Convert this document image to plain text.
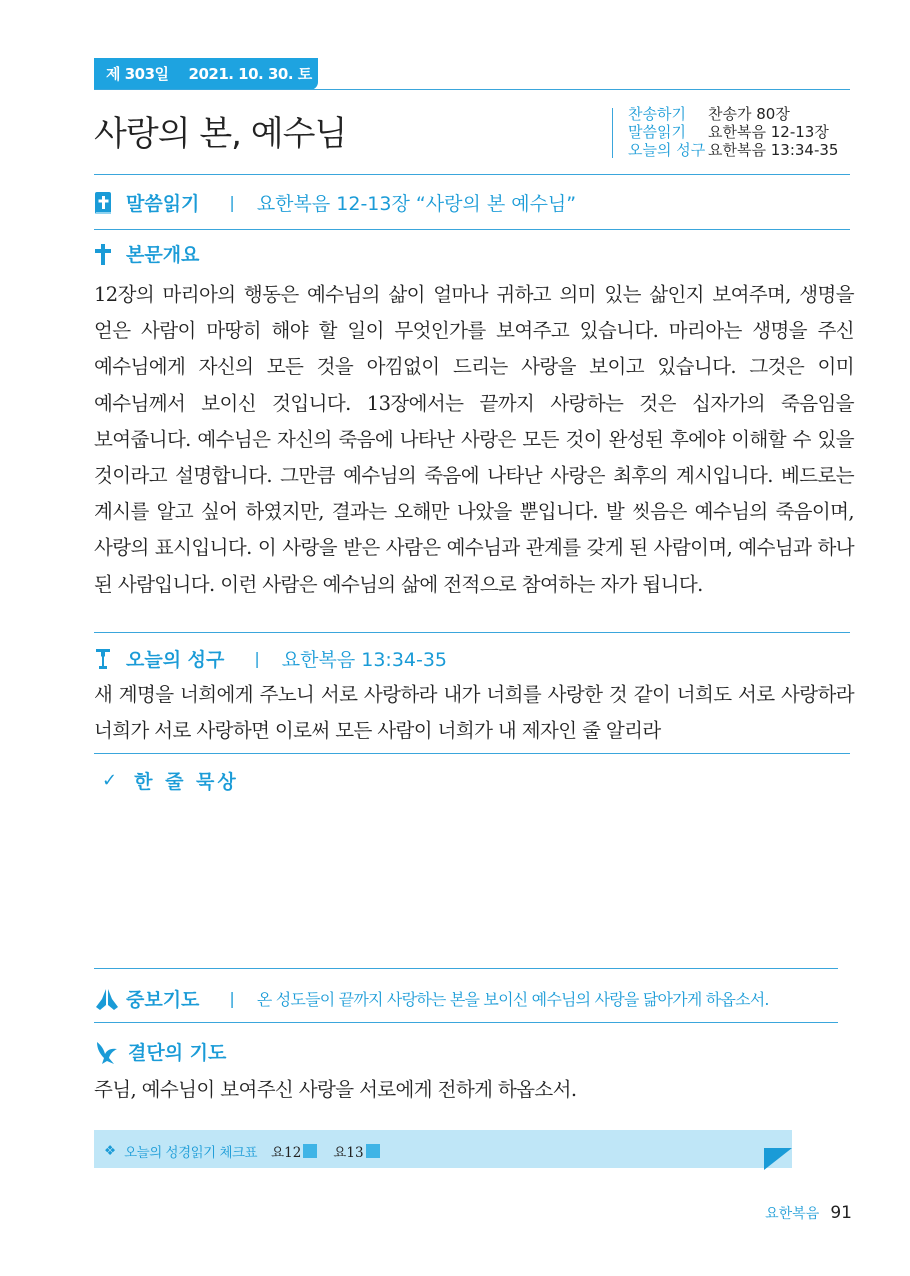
제 303일 2021. 10. 30. 토
사랑의 본, 예수님	찬송하기	찬송가 80장
말씀읽기	요한복음 12-13장
오늘의 성구 요한복음 13:34-35
말씀읽기 | 요한복음 12-13장 “사랑의 본 예수님”
본문개요
12장의 마리아의 행동은 예수님의 삶이 얼마나 귀하고 의미 있는 삶인지 보여주며, 생명을 얻은 사람이 마땅히 해야 할 일이 무엇인가를 보여주고 있습니다. 마리아는 생명을 주신 예수님에게 자신의 모든 것을 아낌없이 드리는 사랑을 보이고 있습니다. 그것은 이미 예수님께서 보이신 것입니다. 13장에서는 끝까지 사랑하는 것은 십자가의 죽음임을 보여줍니다. 예수님은 자신의 죽음에 나타난 사랑은 모든 것이 완성된 후에야 이해할 수 있을 것이라고 설명합니다. 그만큼 예수님의 죽음에 나타난 사랑은 최후의 계시입니다. 베드로는 계시를 알고 싶어 하였지만, 결과는 오해만 나았을 뿐입니다. 발 씻음은 예수님의 죽음이며, 사랑의 표시입니다. 이 사랑을 받은 사람은 예수님과 관계를 갖게 된 사람이며, 예수님과 하나 된 사람입니다. 이런 사람은 예수님의 삶에 전적으로 참여하는 자가 됩니다.
오늘의 성구 | 요한복음 13:34-35
새 계명을 너희에게 주노니 서로 사랑하라 내가 너희를 사랑한 것 같이 너희도 서로 사랑하라 너희가 서로 사랑하면 이로써 모든 사람이 너희가 내 제자인 줄 알리라
✓ 한 줄 묵상
중보기도 | 온 성도들이 끝까지 사랑하는 본을 보이신 예수님의 사랑을 닮아가게 하옵소서.
결단의 기도
주님, 예수님이 보여주신 사랑을 서로에게 전하게 하옵소서.
❖ 오늘의 성경읽기 체크표 요12 요13
요한복음 91
